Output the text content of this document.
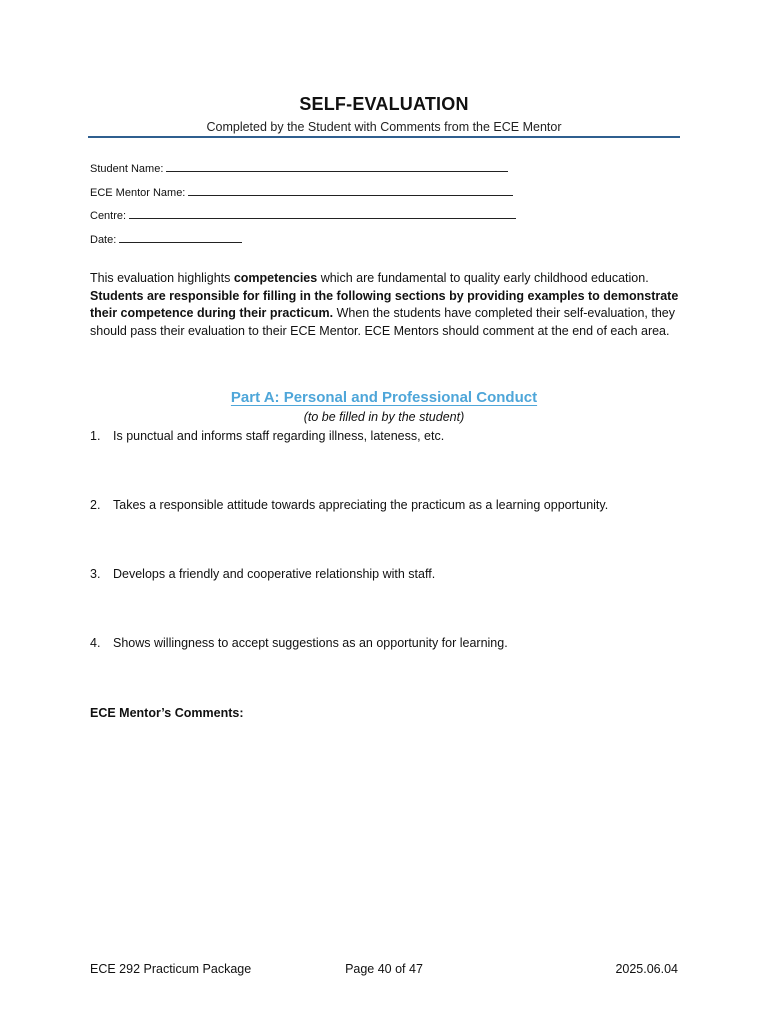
SELF-EVALUATION
Completed by the Student with Comments from the ECE Mentor
Student Name:
ECE Mentor Name:
Centre:
Date:
This evaluation highlights competencies which are fundamental to quality early childhood education. Students are responsible for filling in the following sections by providing examples to demonstrate their competence during their practicum. When the students have completed their self-evaluation, they should pass their evaluation to their ECE Mentor. ECE Mentors should comment at the end of each area.
Part A: Personal and Professional Conduct
(to be filled in by the student)
1. Is punctual and informs staff regarding illness, lateness, etc.
2. Takes a responsible attitude towards appreciating the practicum as a learning opportunity.
3. Develops a friendly and cooperative relationship with staff.
4. Shows willingness to accept suggestions as an opportunity for learning.
ECE Mentor’s Comments:
ECE 292 Practicum Package	Page 40 of 47	2025.06.04
